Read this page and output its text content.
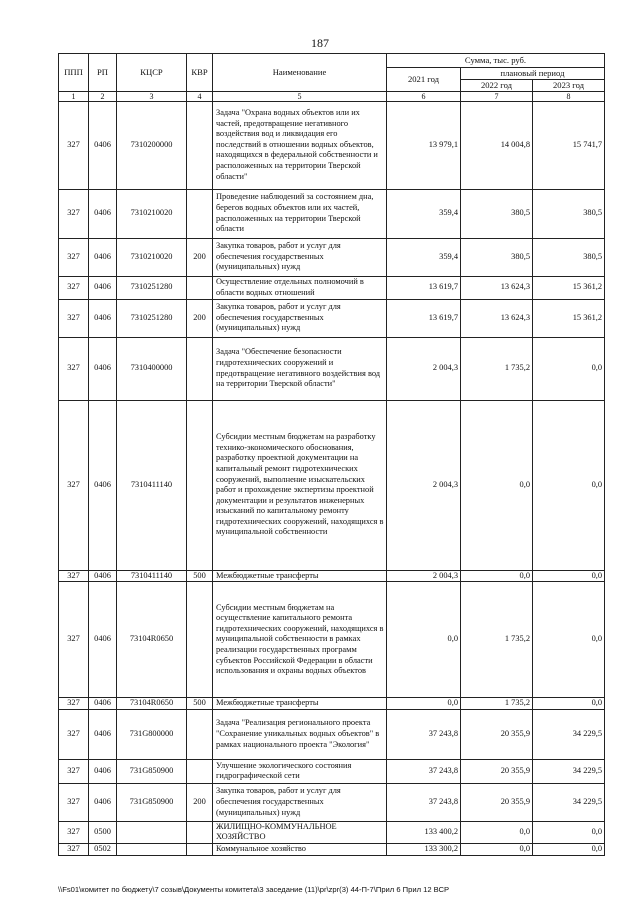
187
ППП	РП	КЦСР	КВР	Наименование	Сумма, тыс. руб.		
					2021 год	плановый период	
						2022 год	2023 год
1	2	3	4	5	6	7	8
327	0406	7310200000		Задача "Охрана водных объектов или их частей, предотвращение негативного воздействия вод и ликвидация его последствий в отношении водных объектов, находящихся в федеральной собственности и расположенных на территории Тверской области"	13 979,1	14 004,8	15 741,7
327	0406	7310210020		Проведение наблюдений за состоянием дна, берегов водных объектов или их частей, расположенных на территории Тверской области	359,4	380,5	380,5
327	0406	7310210020	200	Закупка товаров, работ и услуг для обеспечения государственных (муниципальных) нужд	359,4	380,5	380,5
327	0406	7310251280		Осуществление отдельных полномочий в области водных отношений	13 619,7	13 624,3	15 361,2
327	0406	7310251280	200	Закупка товаров, работ и услуг для обеспечения государственных (муниципальных) нужд	13 619,7	13 624,3	15 361,2
327	0406	7310400000		Задача "Обеспечение безопасности гидротехнических сооружений и предотвращение негативного воздействия вод на территории Тверской области"	2 004,3	1 735,2	0,0
327	0406	7310411140		Субсидии местным бюджетам на разработку технико-экономического обоснования, разработку проектной документации на капитальный ремонт гидротехнических сооружений, выполнение изыскательских работ и прохождение экспертизы проектной документации и результатов инженерных изысканий по капитальному ремонту гидротехнических сооружений, находящихся в муниципальной собственности	2 004,3	0,0	0,0
327	0406	7310411140	500	Межбюджетные трансферты	2 004,3	0,0	0,0
327	0406	73104R0650		Субсидии местным бюджетам на осуществление капитального ремонта гидротехнических сооружений, находящихся в муниципальной собственности в рамках реализации государственных программ субъектов Российской Федерации в области использования и охраны водных объектов	0,0	1 735,2	0,0
327	0406	73104R0650	500	Межбюджетные трансферты	0,0	1 735,2	0,0
327	0406	731G800000		Задача "Реализация регионального проекта "Сохранение уникальных водных объектов" в рамках национального проекта "Экология"	37 243,8	20 355,9	34 229,5
327	0406	731G850900		Улучшение экологического состояния гидрографической сети	37 243,8	20 355,9	34 229,5
327	0406	731G850900	200	Закупка товаров, работ и услуг для обеспечения государственных (муниципальных) нужд	37 243,8	20 355,9	34 229,5
327	0500			ЖИЛИЩНО-КОММУНАЛЬНОЕ ХОЗЯЙСТВО	133 400,2	0,0	0,0
327	0502			Коммунальное хозяйство	133 300,2	0,0	0,0
\\Fs01\комитет по бюджету\7 созыв\Документы комитета\3 заседание (11)\pr\zpr(3) 44-П-7\Прил 6 Прил 12 ВСР
